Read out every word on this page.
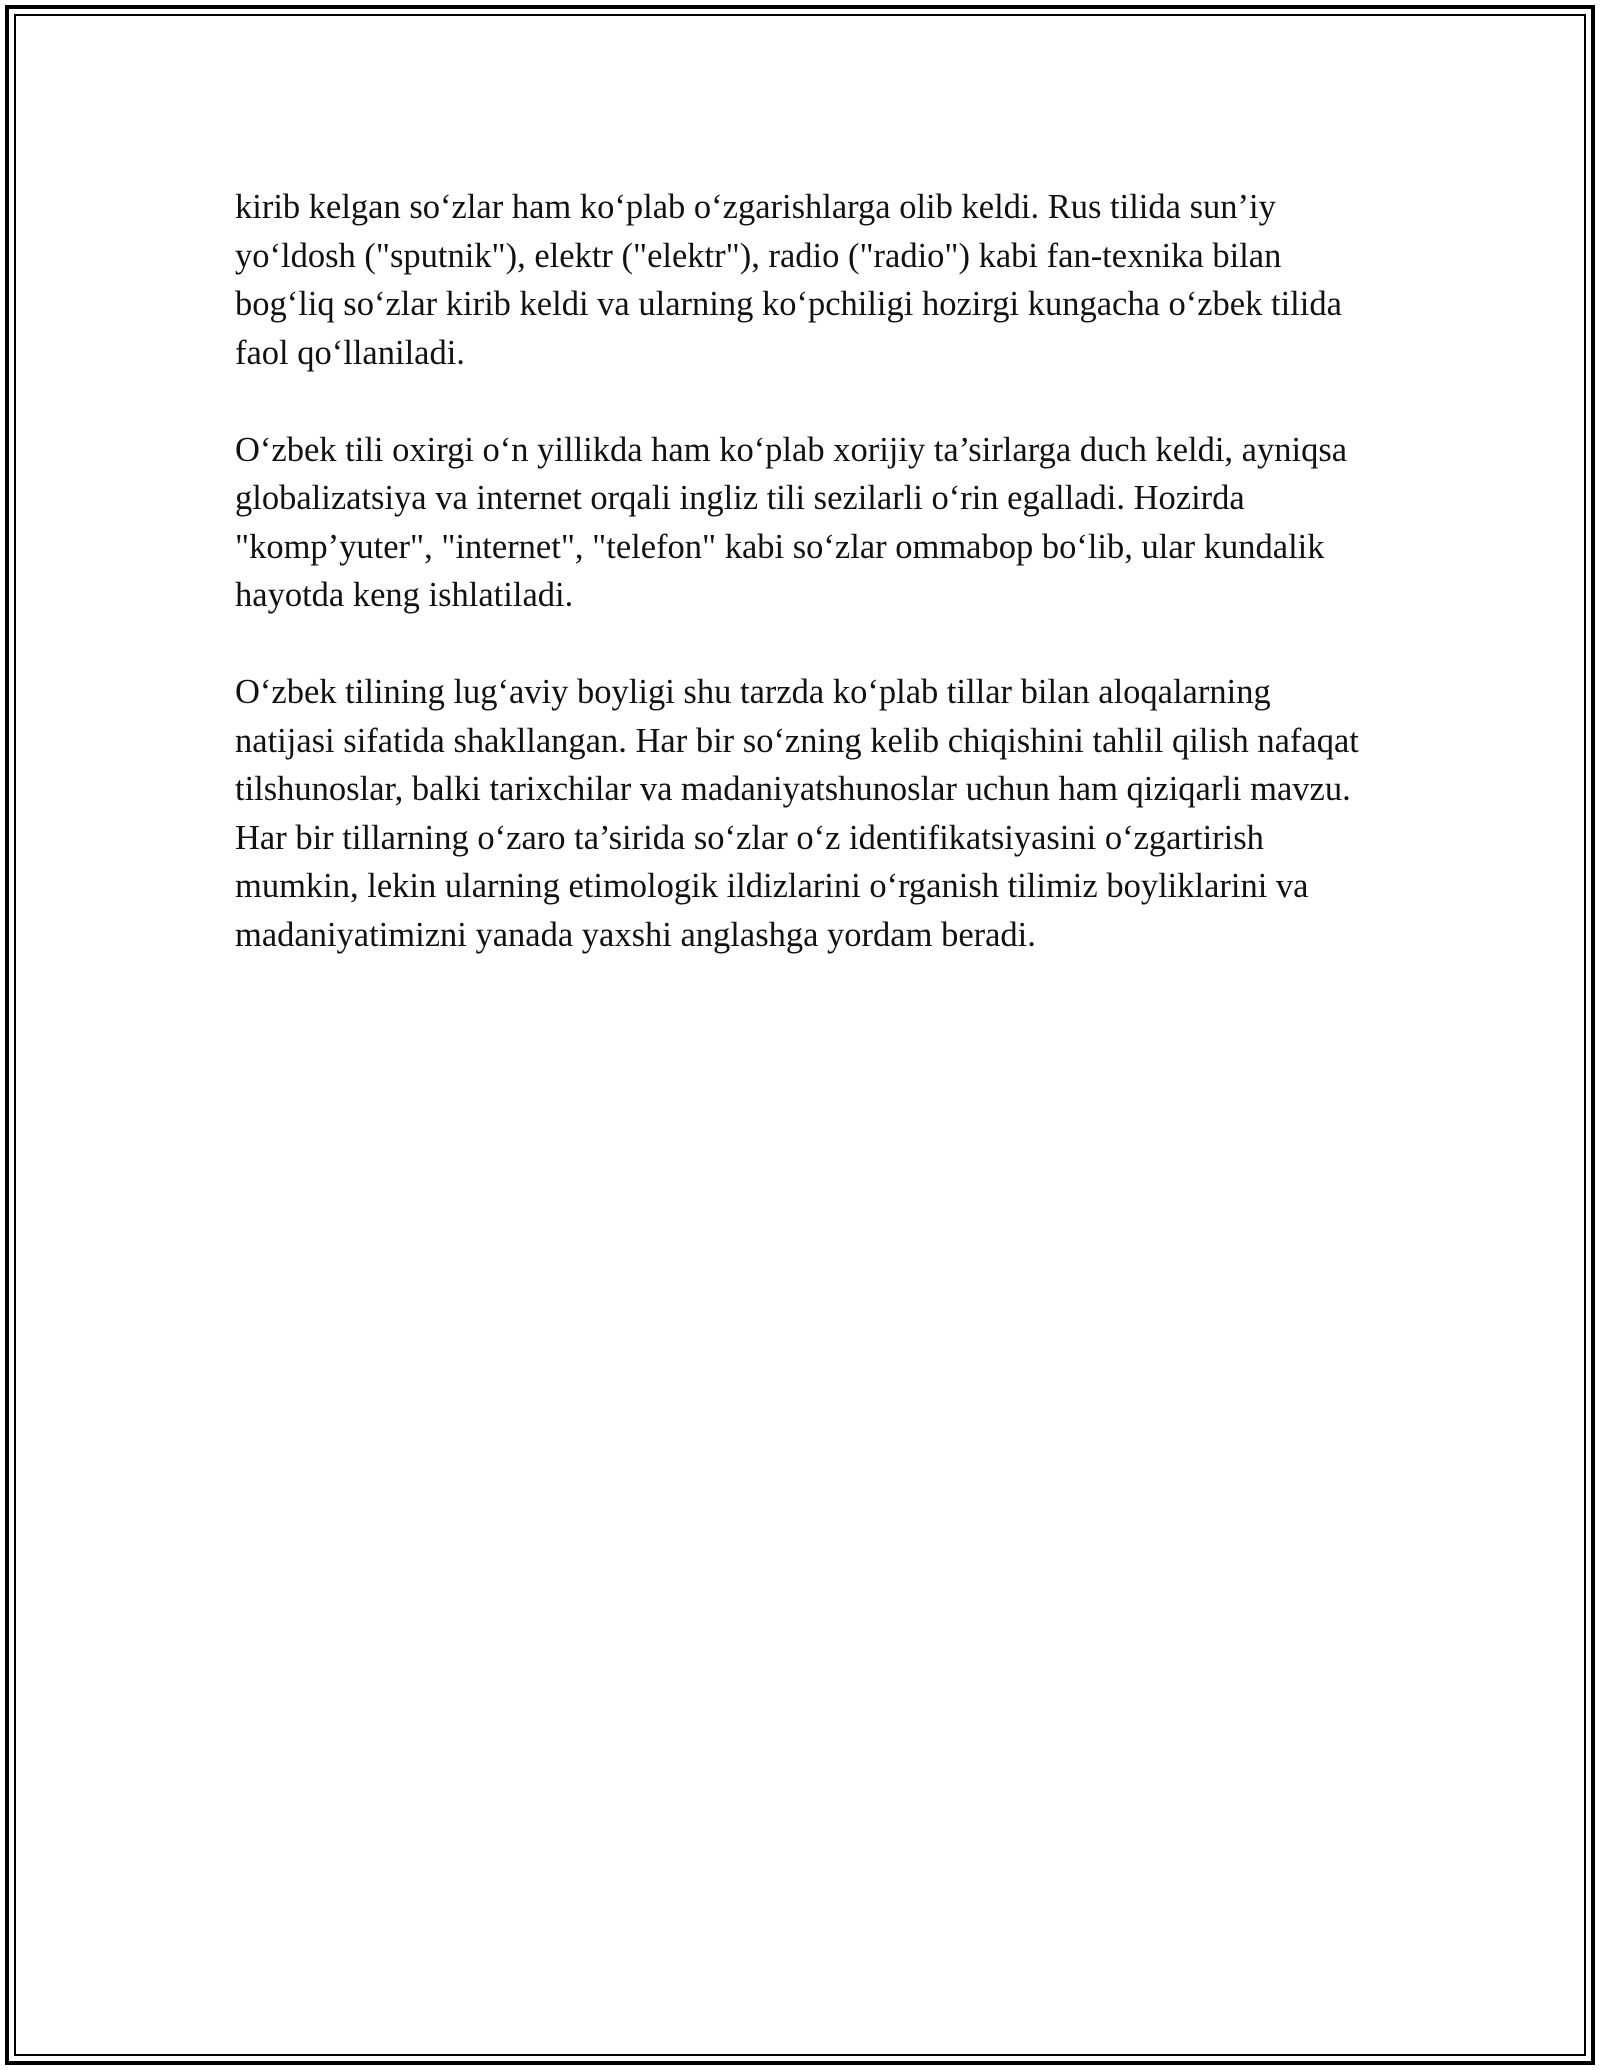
kirib kelgan so‘zlar ham ko‘plab o‘zgarishlarga olib keldi. Rus tilida sun’iy yo‘ldosh ("sputnik"), elektr ("elektr"), radio ("radio") kabi fan-texnika bilan bog‘liq so‘zlar kirib keldi va ularning ko‘pchiligi hozirgi kungacha o‘zbek tilida faol qo‘llaniladi.

O‘zbek tili oxirgi o‘n yillikda ham ko‘plab xorijiy ta’sirlarga duch keldi, ayniqsa globalizatsiya va internet orqali ingliz tili sezilarli o‘rin egalladi. Hozirda "komp’yuter", "internet", "telefon" kabi so‘zlar ommabop bo‘lib, ular kundalik hayotda keng ishlatiladi.

O‘zbek tilining lug‘aviy boyligi shu tarzda ko‘plab tillar bilan aloqalarning natijasi sifatida shakllangan. Har bir so‘zning kelib chiqishini tahlil qilish nafaqat tilshunoslar, balki tarixchilar va madaniyatshunoslar uchun ham qiziqarli mavzu. Har bir tillarning o‘zaro ta’sirida so‘zlar o‘z identifikatsiyasini o‘zgartirish mumkin, lekin ularning etimologik ildizlarini o‘rganish tilimiz boyliklarini va madaniyatimizni yanada yaxshi anglashga yordam beradi.
